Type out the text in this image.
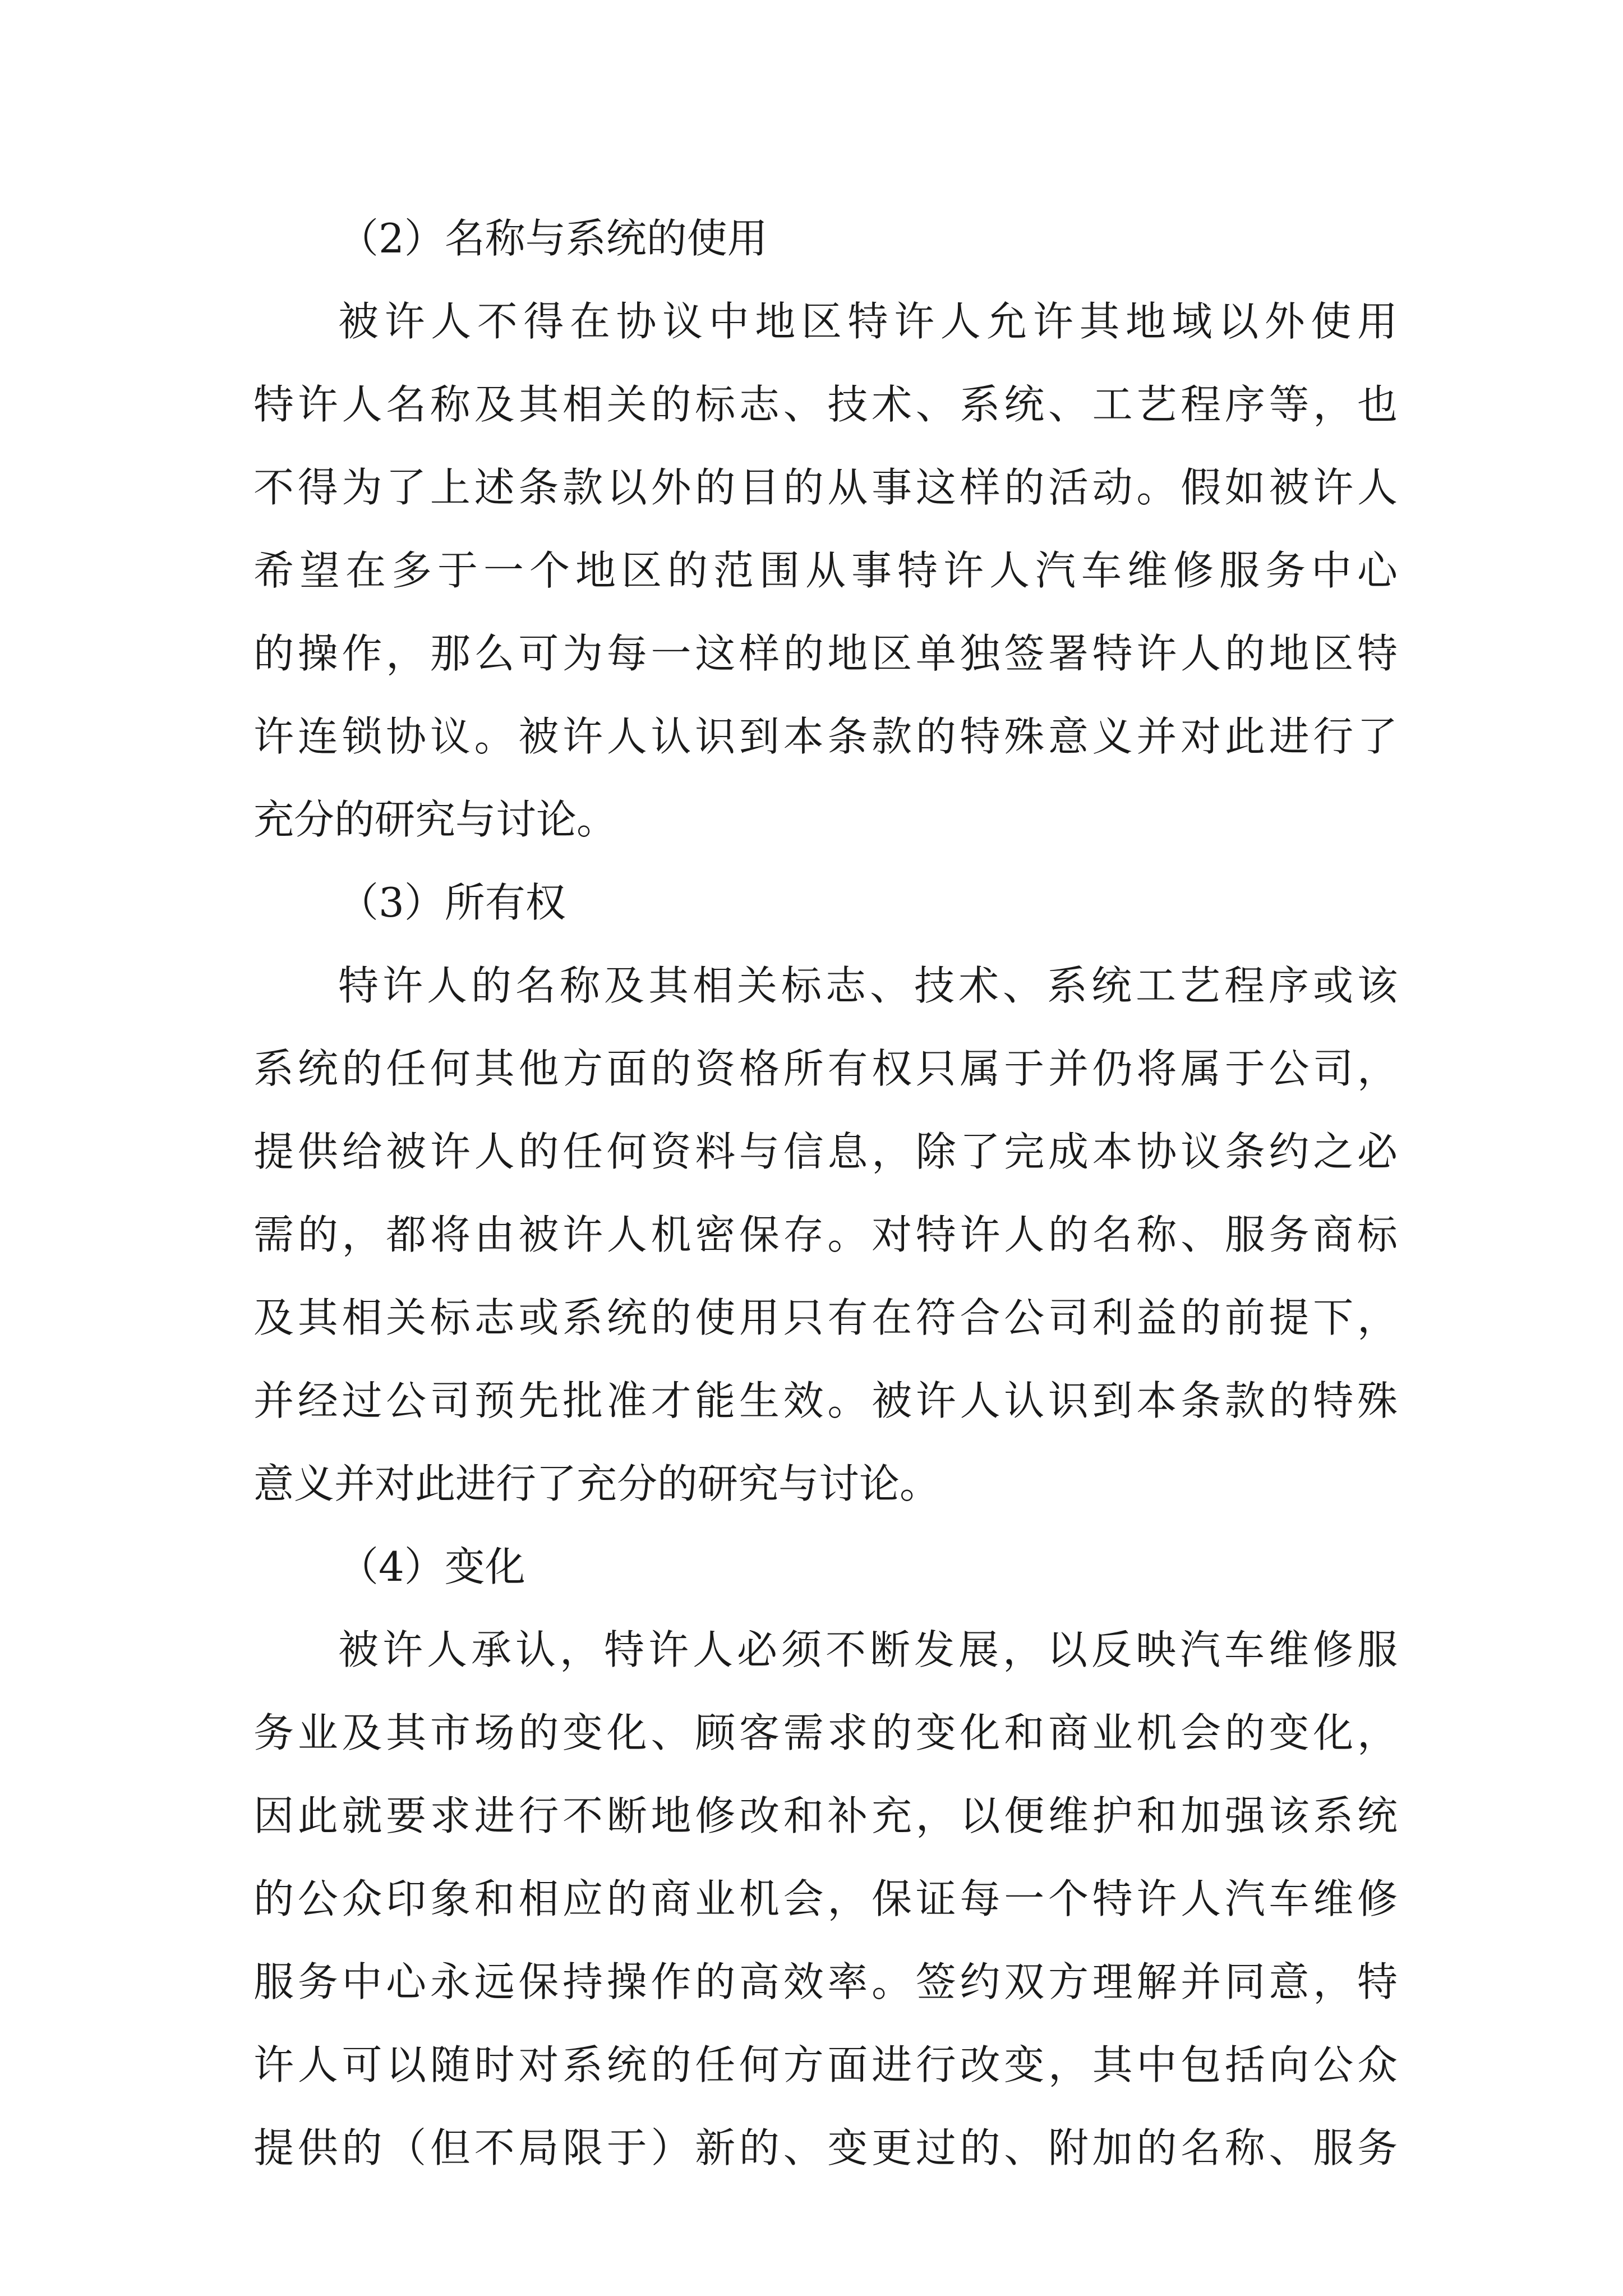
（2）名称与系统的使用
被许人不得在协议中地区特许人允许其地域以外使用
特许人名称及其相关的标志、技术、系统、工艺程序等，也
不得为了上述条款以外的目的从事这样的活动。假如被许人
希望在多于一个地区的范围从事特许人汽车维修服务中心
的操作，那么可为每一这样的地区单独签署特许人的地区特
许连锁协议。被许人认识到本条款的特殊意义并对此进行了
充分的研究与讨论。
（3）所有权
特许人的名称及其相关标志、技术、系统工艺程序或该
系统的任何其他方面的资格所有权只属于并仍将属于公司，
提供给被许人的任何资料与信息，除了完成本协议条约之必
需的，都将由被许人机密保存。对特许人的名称、服务商标
及其相关标志或系统的使用只有在符合公司利益的前提下，
并经过公司预先批准才能生效。被许人认识到本条款的特殊
意义并对此进行了充分的研究与讨论。
（4）变化
被许人承认，特许人必须不断发展，以反映汽车维修服
务业及其市场的变化、顾客需求的变化和商业机会的变化，
因此就要求进行不断地修改和补充，以便维护和加强该系统
的公众印象和相应的商业机会，保证每一个特许人汽车维修
服务中心永远保持操作的高效率。签约双方理解并同意，特
许人可以随时对系统的任何方面进行改变，其中包括向公众
提供的（但不局限于）新的、变更过的、附加的名称、服务
